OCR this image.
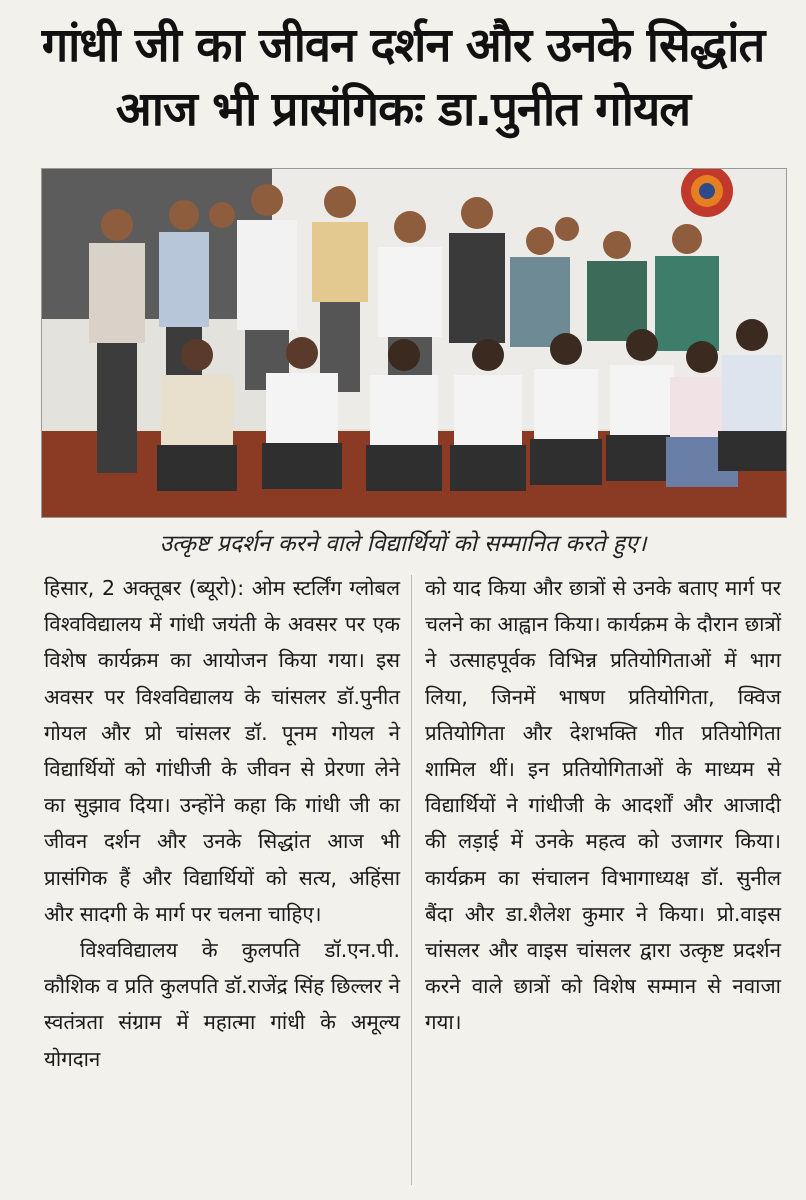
गांधी जी का जीवन दर्शन और उनके सिद्धांत
आज भी प्रासंगिकः डा.पुनीत गोयल
उत्कृष्ट प्रदर्शन करने वाले विद्यार्थियों को सम्मानित करते हुए।

हिसार, 2 अक्तूबर (ब्यूरो): ओम स्टर्लिंग ग्लोबल विश्वविद्यालय में गांधी जयंती के अवसर पर एक विशेष कार्यक्रम का आयोजन किया गया। इस अवसर पर विश्वविद्यालय के चांसलर डॉ.पुनीत गोयल और प्रो चांसलर डॉ. पूनम गोयल ने विद्यार्थियों को गांधीजी के जीवन से प्रेरणा लेने का सुझाव दिया। उन्होंने कहा कि गांधी जी का जीवन दर्शन और उनके सिद्धांत आज भी प्रासंगिक हैं और विद्यार्थियों को सत्य, अहिंसा और सादगी के मार्ग पर चलना चाहिए।

विश्वविद्यालय के कुलपति डॉ.एन.पी. कौशिक व प्रति कुलपति डॉ.राजेंद्र सिंह छिल्लर ने स्वतंत्रता संग्राम में महात्मा गांधी के अमूल्य योगदान

को याद किया और छात्रों से उनके बताए मार्ग पर चलने का आह्वान किया। कार्यक्रम के दौरान छात्रों ने उत्साहपूर्वक विभिन्न प्रतियोगिताओं में भाग लिया, जिनमें भाषण प्रतियोगिता, क्विज प्रतियोगिता और देशभक्ति गीत प्रतियोगिता शामिल थीं। इन प्रतियोगिताओं के माध्यम से विद्यार्थियों ने गांधीजी के आदर्शों और आजादी की लड़ाई में उनके महत्व को उजागर किया। कार्यक्रम का संचालन विभागाध्यक्ष डॉ. सुनील बैंदा और डा.शैलेश कुमार ने किया। प्रो.वाइस चांसलर और वाइस चांसलर द्वारा उत्कृष्ट प्रदर्शन करने वाले छात्रों को विशेष सम्मान से नवाजा गया।
